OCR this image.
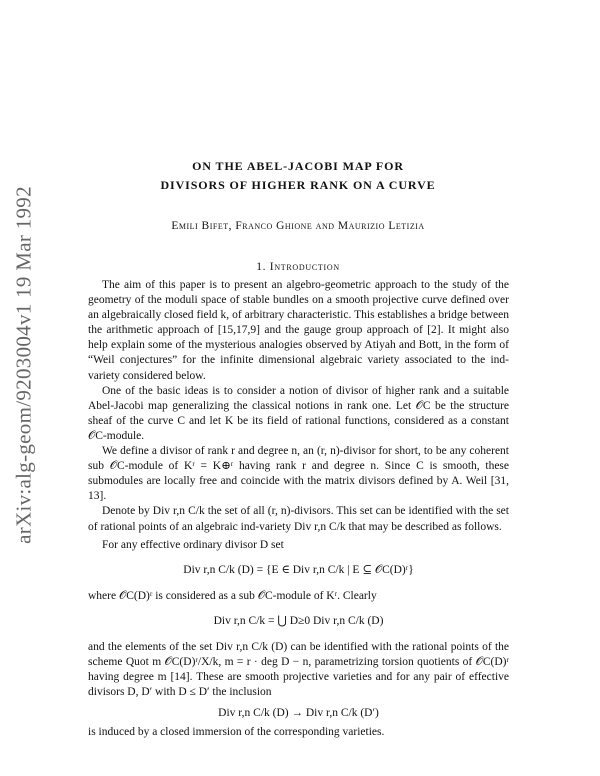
arXiv:alg-geom/9203004v1 19 Mar 1992
ON THE ABEL-JACOBI MAP FOR
DIVISORS OF HIGHER RANK ON A CURVE
Emili Bifet, Franco Ghione and Maurizio Letizia
1. Introduction

The aim of this paper is to present an algebro-geometric approach to the study of the geometry of the moduli space of stable bundles on a smooth projective curve defined over an algebraically closed field k, of arbitrary characteristic. This establishes a bridge between the arithmetic approach of [15,17,9] and the gauge group approach of [2]. It might also help explain some of the mysterious analogies observed by Atiyah and Bott, in the form of “Weil conjectures” for the infinite dimensional algebraic variety associated to the ind-variety considered below.

One of the basic ideas is to consider a notion of divisor of higher rank and a suitable Abel-Jacobi map generalizing the classical notions in rank one. Let 𝒪C be the structure sheaf of the curve C and let K be its field of rational functions, considered as a constant 𝒪C-module.

We define a divisor of rank r and degree n, an (r, n)-divisor for short, to be any coherent sub 𝒪C-module of Kʳ = K⊕ʳ having rank r and degree n. Since C is smooth, these submodules are locally free and coincide with the matrix divisors defined by A. Weil [31, 13].

Denote by Div r,n C/k the set of all (r, n)-divisors. This set can be identified with the set of rational points of an algebraic ind-variety Div r,n C/k that may be described as follows.

For any effective ordinary divisor D set

Div r,n C/k (D) = {E ∈ Div r,n C/k | E ⊆ 𝒪C(D)ʳ}
where 𝒪C(D)ʳ is considered as a sub 𝒪C-module of Kʳ. Clearly
Div r,n C/k = ⋃ D≥0 Div r,n C/k (D)
and the elements of the set Div r,n C/k (D) can be identified with the rational points of the scheme Quot m 𝒪C(D)ʳ/X/k, m = r · deg D − n, parametrizing torsion quotients of 𝒪C(D)ʳ having degree m [14]. These are smooth projective varieties and for any pair of effective divisors D, D′ with D ≤ D′ the inclusion
Div r,n C/k (D) → Div r,n C/k (D′)
is induced by a closed immersion of the corresponding varieties.
